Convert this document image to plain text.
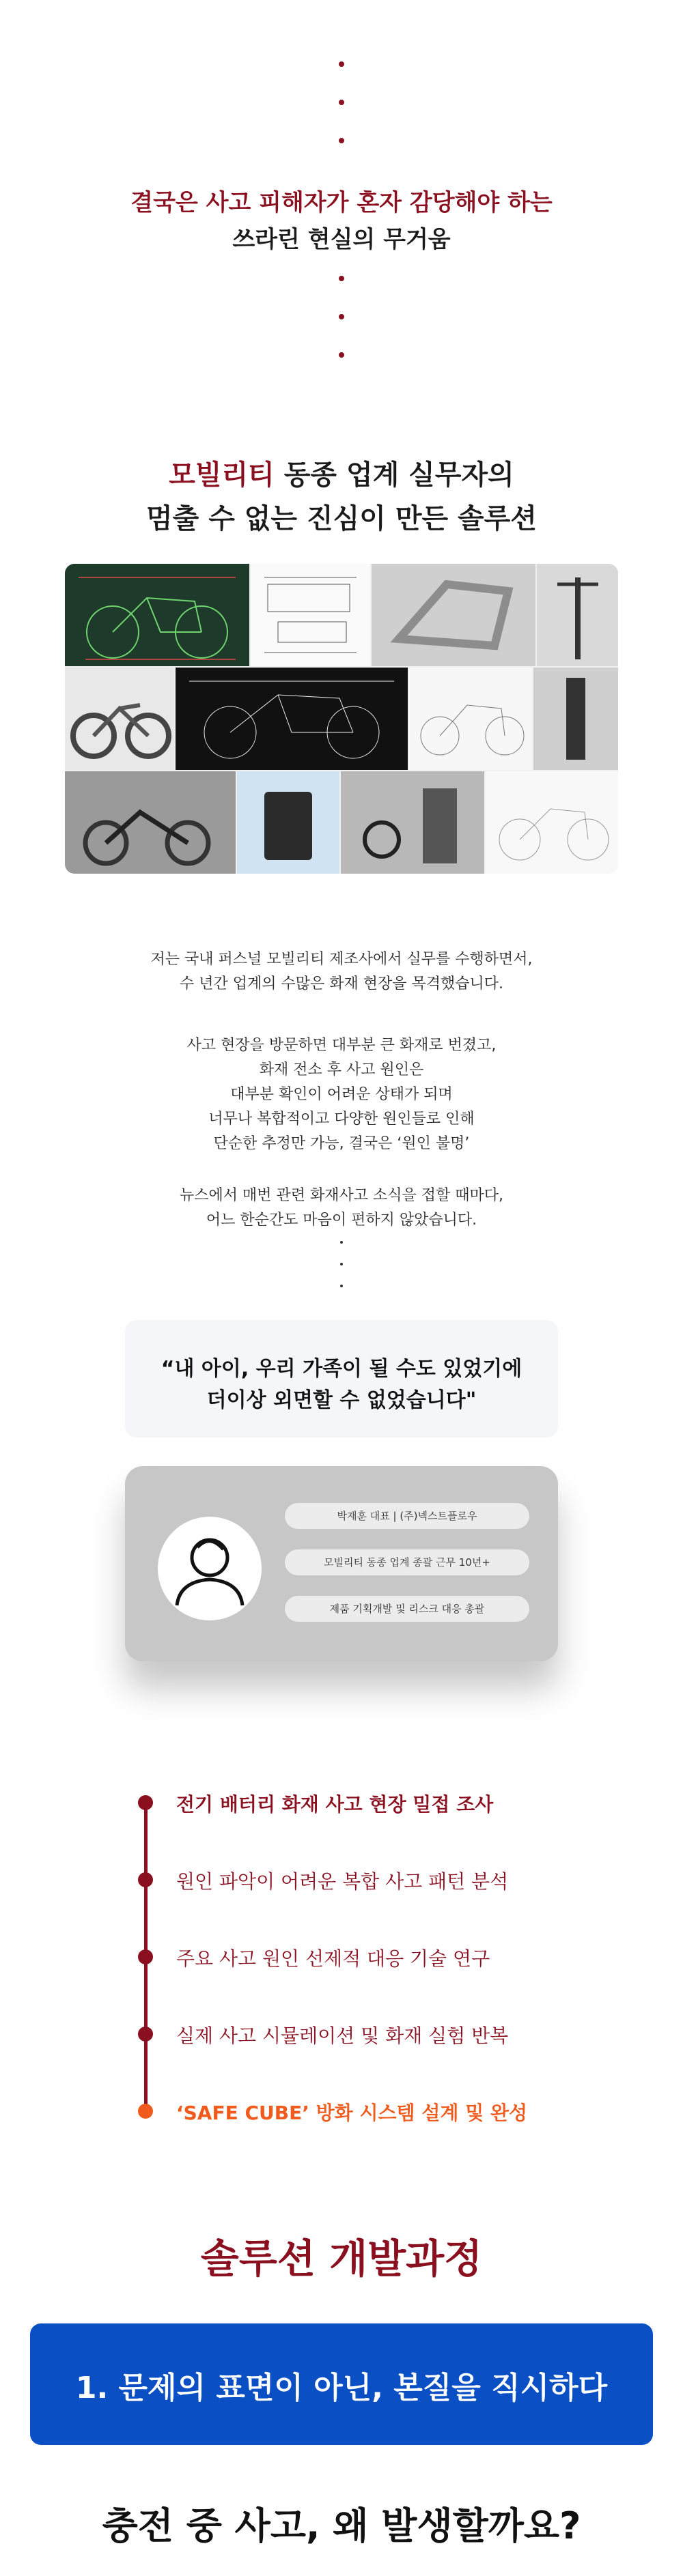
결국은 사고 피해자가 혼자 감당해야 하는
쓰라린 현실의 무거움
모빌리티 동종 업계 실무자의
멈출 수 없는 진심이 만든 솔루션
저는 국내 퍼스널 모빌리티 제조사에서 실무를 수행하면서,
수 년간 업계의 수많은 화재 현장을 목격했습니다.
사고 현장을 방문하면 대부분 큰 화재로 번졌고,
화재 전소 후 사고 원인은
대부분 확인이 어려운 상태가 되며
너무나 복합적이고 다양한 원인들로 인해
단순한 추정만 가능, 결국은 ‘원인 불명’
뉴스에서 매번 관련 화재사고 소식을 접할 때마다,
어느 한순간도 마음이 편하지 않았습니다.

“내 아이, 우리 가족이 될 수도 있었기에

더이상 외면할 수 없었습니다"

박재훈 대표 | (주)넥스트플로우
모빌리티 동종 업계 종괄 근무 10년+
제품 기획개발 및 리스크 대응 총괄
전기 배터리 화재 사고 현장 밀접 조사
원인 파악이 어려운 복합 사고 패턴 분석
주요 사고 원인 선제적 대응 기술 연구
실제 사고 시뮬레이션 및 화재 실험 반복
‘SAFE CUBE’ 방화 시스템 설계 및 완성
솔루션 개발과정
1. 문제의 표면이 아닌, 본질을 직시하다
충전 중 사고, 왜 발생할까요?
